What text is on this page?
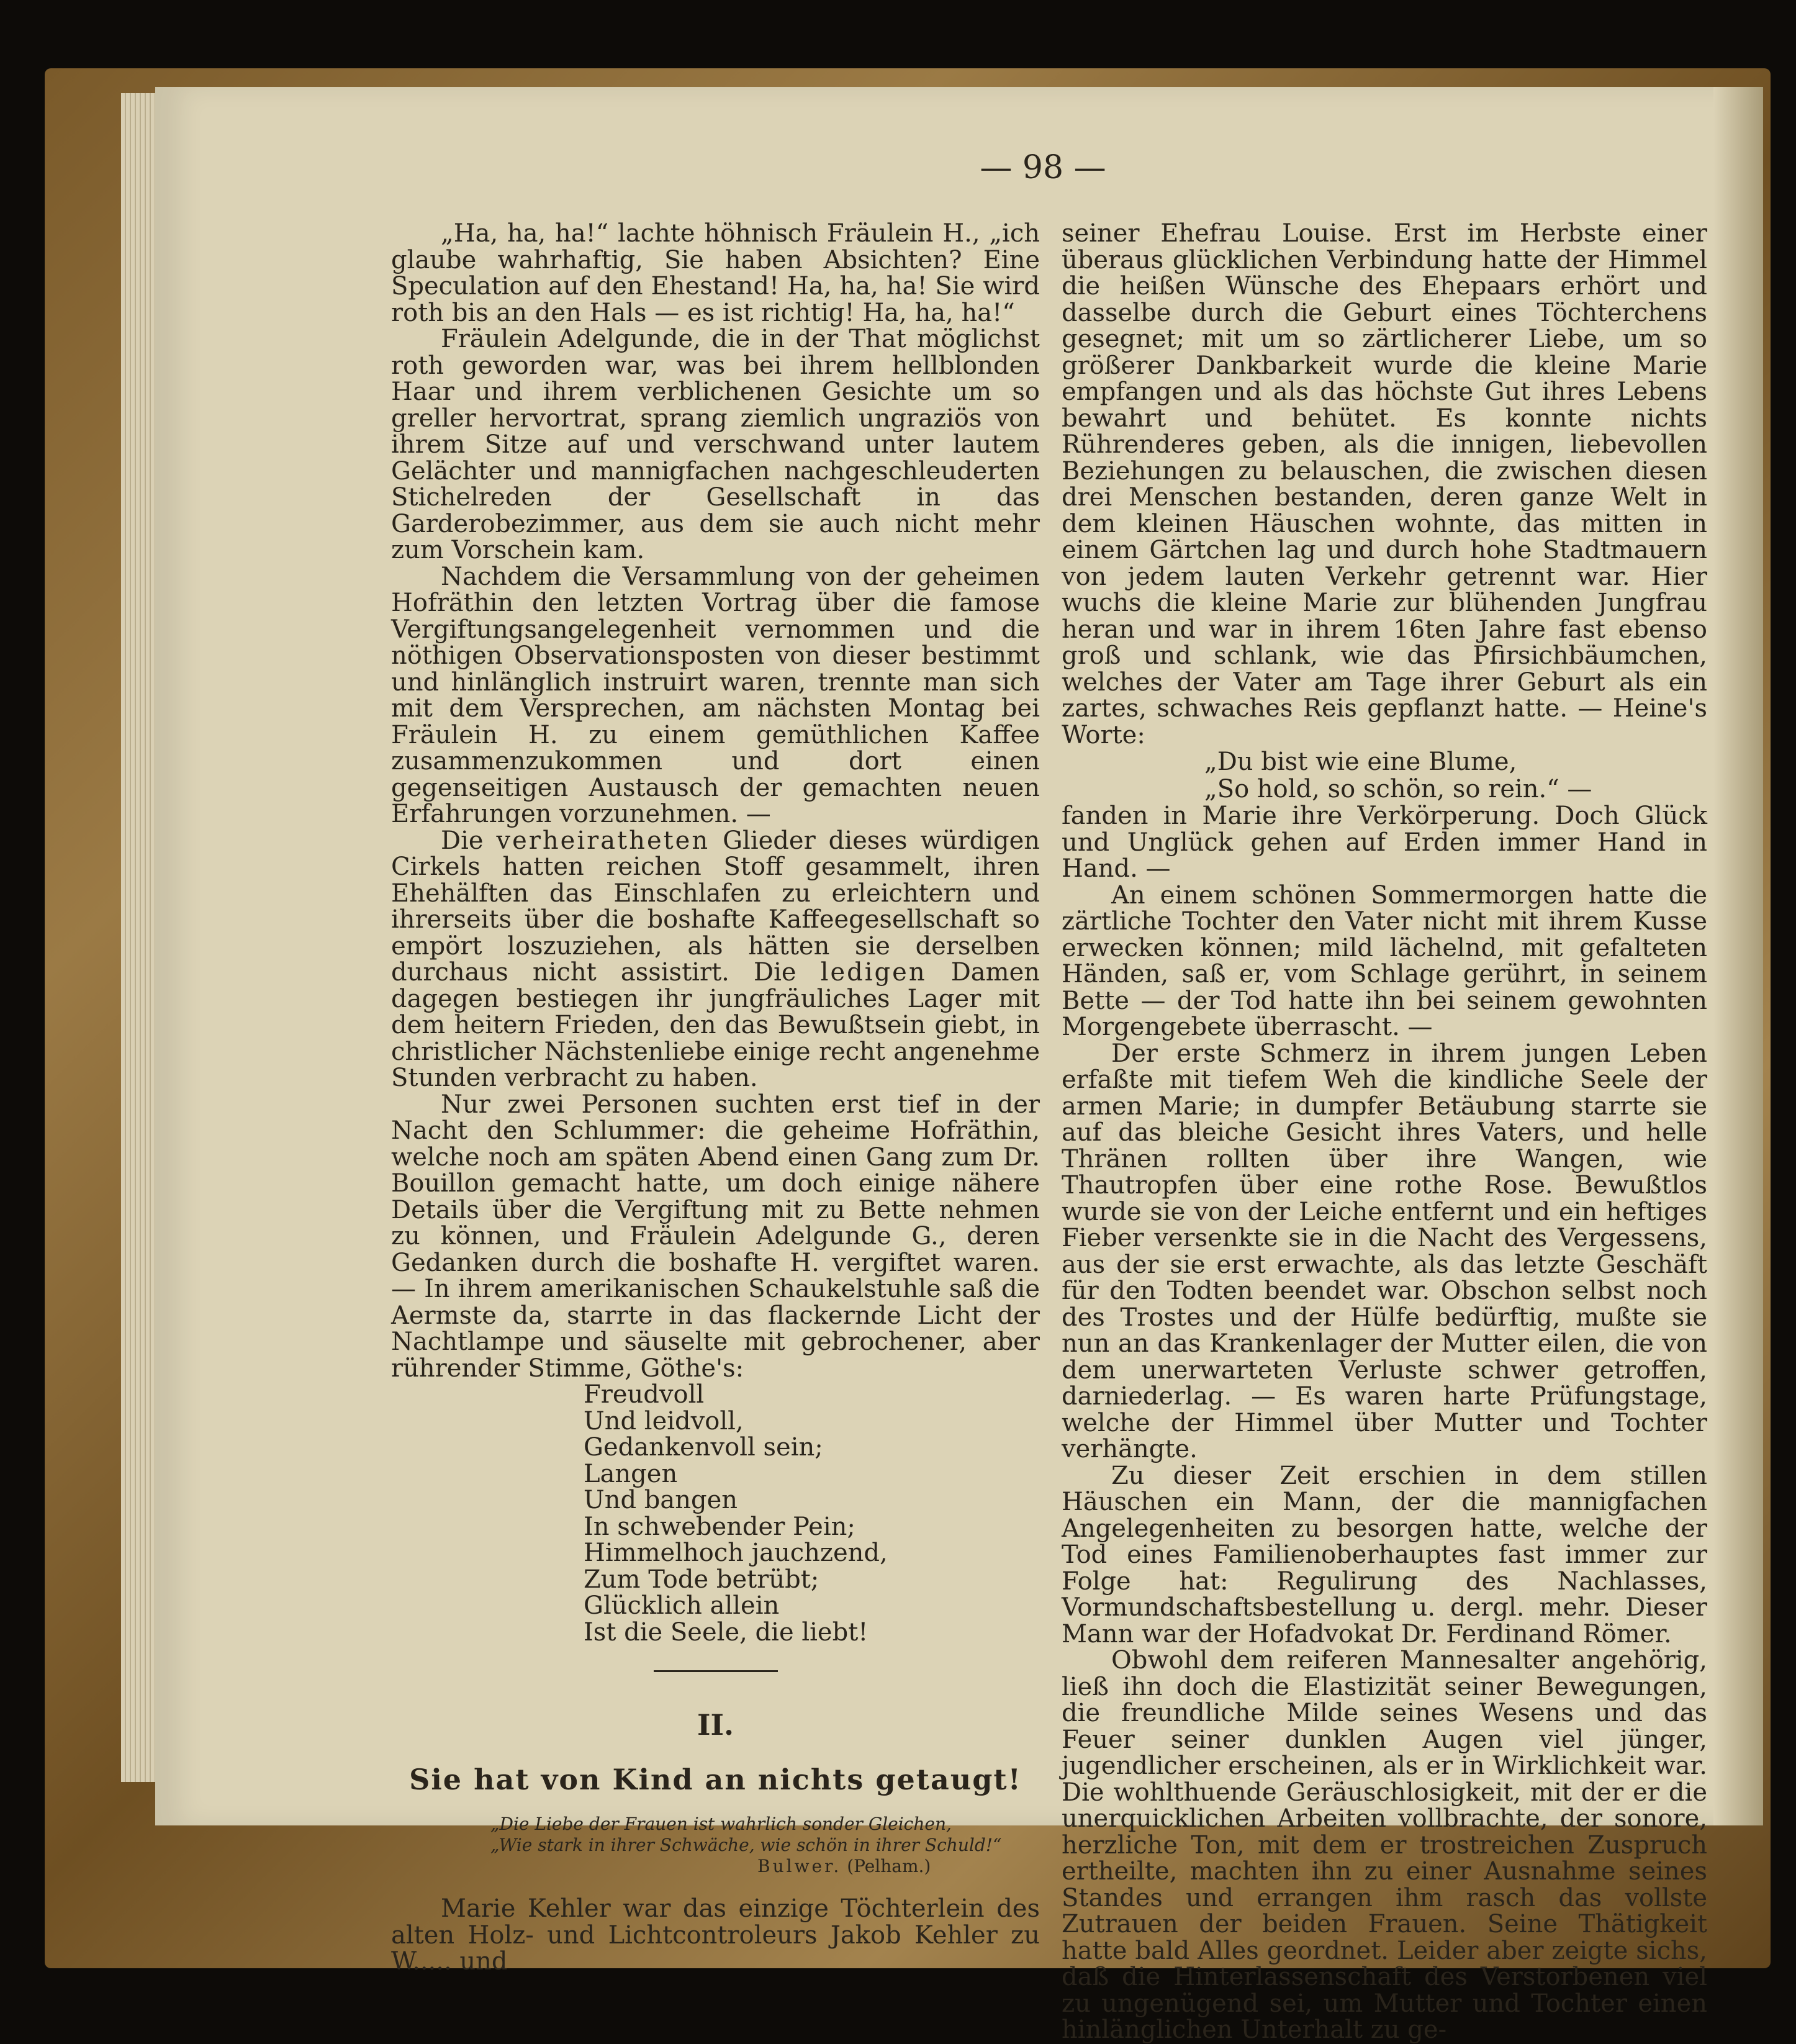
— 98 —

„Ha, ha, ha!“ lachte höhnisch Fräulein H., „ich glaube wahrhaftig, Sie haben Absichten? Eine Speculation auf den Ehestand! Ha, ha, ha! Sie wird roth bis an den Hals — es ist richtig! Ha, ha, ha!“

Fräulein Adelgunde, die in der That möglichst roth geworden war, was bei ihrem hellblonden Haar und ihrem verblichenen Gesichte um so greller hervortrat, sprang ziemlich ungraziös von ihrem Sitze auf und verschwand unter lautem Gelächter und mannigfachen nachgeschleuderten Stichelreden der Gesellschaft in das Garderobezimmer, aus dem sie auch nicht mehr zum Vorschein kam.

Nachdem die Versammlung von der geheimen Hofräthin den letzten Vortrag über die famose Vergiftungsangelegenheit vernommen und die nöthigen Observationsposten von dieser bestimmt und hinlänglich instruirt waren, trennte man sich mit dem Versprechen, am nächsten Montag bei Fräulein H. zu einem gemüthlichen Kaffee zusammenzukommen und dort einen gegenseitigen Austausch der gemachten neuen Erfahrungen vorzunehmen. —

Die verheiratheten Glieder dieses würdigen Cirkels hatten reichen Stoff gesammelt, ihren Ehehälften das Einschlafen zu erleichtern und ihrerseits über die boshafte Kaffeegesellschaft so empört loszuziehen, als hätten sie derselben durchaus nicht assistirt. Die ledigen Damen dagegen bestiegen ihr jungfräuliches Lager mit dem heitern Frieden, den das Bewußtsein giebt, in christlicher Nächstenliebe einige recht angenehme Stunden verbracht zu haben.

Nur zwei Personen suchten erst tief in der Nacht den Schlummer: die geheime Hofräthin, welche noch am späten Abend einen Gang zum Dr. Bouillon gemacht hatte, um doch einige nähere Details über die Vergiftung mit zu Bette nehmen zu können, und Fräulein Adelgunde G., deren Gedanken durch die boshafte H. vergiftet waren. — In ihrem amerikanischen Schaukelstuhle saß die Aermste da, starrte in das flackernde Licht der Nachtlampe und säuselte mit gebrochener, aber rührender Stimme, Göthe's:

Freudvoll
Und leidvoll,
Gedankenvoll sein;
Langen
Und bangen
In schwebender Pein;
Himmelhoch jauchzend,
Zum Tode betrübt;
Glücklich allein
Ist die Seele, die liebt!
II.
Sie hat von Kind an nichts getaugt!
„Die Liebe der Frauen ist wahrlich sonder Gleichen,
„Wie stark in ihrer Schwäche, wie schön in ihrer Schuld!“
Bulwer. (Pelham.)

Marie Kehler war das einzige Töchterlein des alten Holz- und Lichtcontroleurs Jakob Kehler zu W..... und

seiner Ehefrau Louise. Erst im Herbste einer überaus glücklichen Verbindung hatte der Himmel die heißen Wünsche des Ehepaars erhört und dasselbe durch die Geburt eines Töchterchens gesegnet; mit um so zärtlicherer Liebe, um so größerer Dankbarkeit wurde die kleine Marie empfangen und als das höchste Gut ihres Lebens bewahrt und behütet. Es konnte nichts Rührenderes geben, als die innigen, liebevollen Beziehungen zu belauschen, die zwischen diesen drei Menschen bestanden, deren ganze Welt in dem kleinen Häuschen wohnte, das mitten in einem Gärtchen lag und durch hohe Stadtmauern von jedem lauten Verkehr getrennt war. Hier wuchs die kleine Marie zur blühenden Jungfrau heran und war in ihrem 16ten Jahre fast ebenso groß und schlank, wie das Pfirsichbäumchen, welches der Vater am Tage ihrer Geburt als ein zartes, schwaches Reis gepflanzt hatte. — Heine's Worte:

„Du bist wie eine Blume,
„So hold, so schön, so rein.“ —

fanden in Marie ihre Verkörperung. Doch Glück und Unglück gehen auf Erden immer Hand in Hand. —

An einem schönen Sommermorgen hatte die zärtliche Tochter den Vater nicht mit ihrem Kusse erwecken können; mild lächelnd, mit gefalteten Händen, saß er, vom Schlage gerührt, in seinem Bette — der Tod hatte ihn bei seinem gewohnten Morgengebete überrascht. —

Der erste Schmerz in ihrem jungen Leben erfaßte mit tiefem Weh die kindliche Seele der armen Marie; in dumpfer Betäubung starrte sie auf das bleiche Gesicht ihres Vaters, und helle Thränen rollten über ihre Wangen, wie Thautropfen über eine rothe Rose. Bewußtlos wurde sie von der Leiche entfernt und ein heftiges Fieber versenkte sie in die Nacht des Vergessens, aus der sie erst erwachte, als das letzte Geschäft für den Todten beendet war. Obschon selbst noch des Trostes und der Hülfe bedürftig, mußte sie nun an das Krankenlager der Mutter eilen, die von dem unerwarteten Verluste schwer getroffen, darniederlag. — Es waren harte Prüfungstage, welche der Himmel über Mutter und Tochter verhängte.

Zu dieser Zeit erschien in dem stillen Häuschen ein Mann, der die mannigfachen Angelegenheiten zu besorgen hatte, welche der Tod eines Familienoberhauptes fast immer zur Folge hat: Regulirung des Nachlasses, Vormundschaftsbestellung u. dergl. mehr. Dieser Mann war der Hofadvokat Dr. Ferdinand Römer.

Obwohl dem reiferen Mannesalter angehörig, ließ ihn doch die Elastizität seiner Bewegungen, die freundliche Milde seines Wesens und das Feuer seiner dunklen Augen viel jünger, jugendlicher erscheinen, als er in Wirklichkeit war. Die wohlthuende Geräuschlosigkeit, mit der er die unerquicklichen Arbeiten vollbrachte, der sonore, herzliche Ton, mit dem er trostreichen Zuspruch ertheilte, machten ihn zu einer Ausnahme seines Standes und errangen ihm rasch das vollste Zutrauen der beiden Frauen. Seine Thätigkeit hatte bald Alles geordnet. Leider aber zeigte sichs, daß die Hinterlassenschaft des Verstorbenen viel zu ungenügend sei, um Mutter und Tochter einen hinlänglichen Unterhalt zu ge-
